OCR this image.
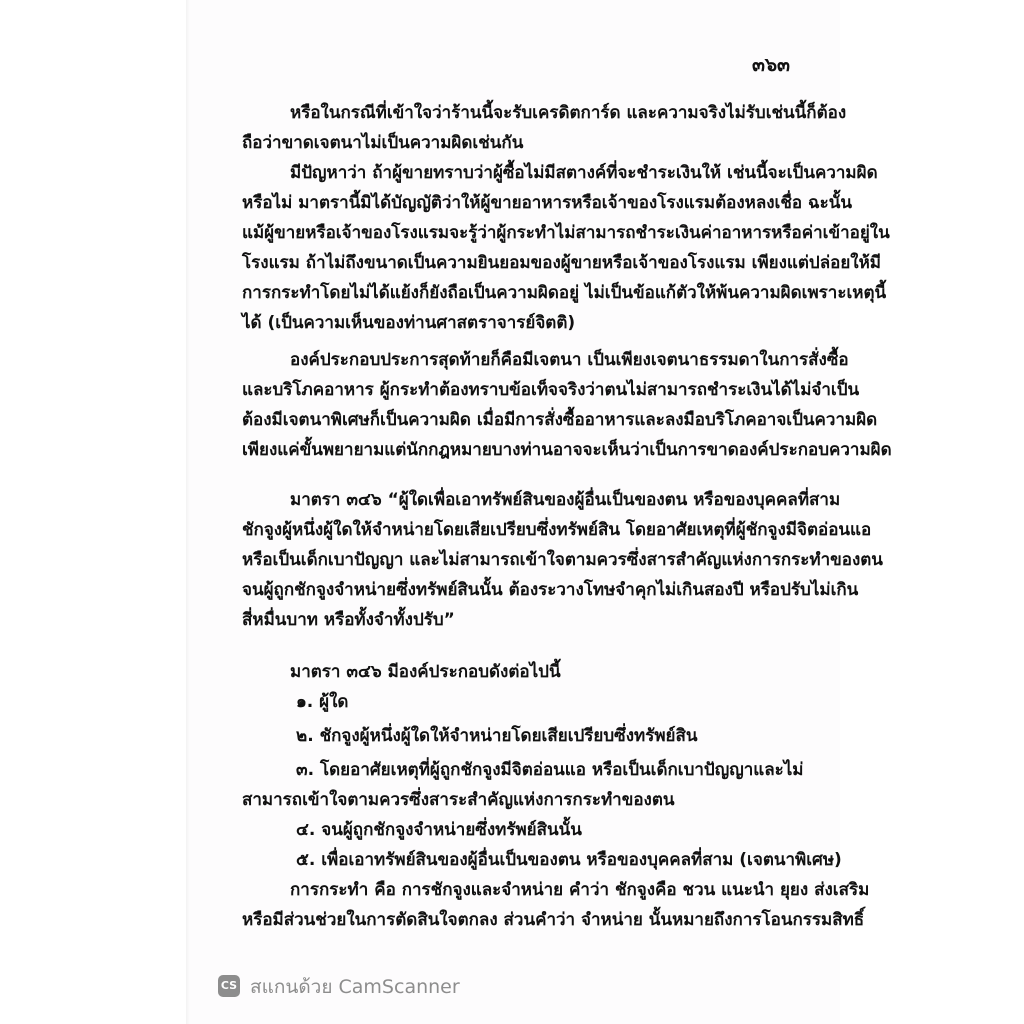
๓๖๓
หรือในกรณีที่เข้าใจว่าร้านนี้จะรับเครดิตการ์ด และความจริงไม่รับเช่นนี้ก็ต้อง
ถือว่าขาดเจตนาไม่เป็นความผิดเช่นกัน
มีปัญหาว่า ถ้าผู้ขายทราบว่าผู้ซื้อไม่มีสตางค์ที่จะชำระเงินให้ เช่นนี้จะเป็นความผิด
หรือไม่ มาตรานี้มิได้บัญญัติว่าให้ผู้ขายอาหารหรือเจ้าของโรงแรมต้องหลงเชื่อ ฉะนั้น
แม้ผู้ขายหรือเจ้าของโรงแรมจะรู้ว่าผู้กระทำไม่สามารถชำระเงินค่าอาหารหรือค่าเข้าอยู่ใน
โรงแรม ถ้าไม่ถึงขนาดเป็นความยินยอมของผู้ขายหรือเจ้าของโรงแรม เพียงแต่ปล่อยให้มี
การกระทำโดยไม่ได้แย้งก็ยังถือเป็นความผิดอยู่ ไม่เป็นข้อแก้ตัวให้พ้นความผิดเพราะเหตุนี้
ได้ (เป็นความเห็นของท่านศาสตราจารย์จิตติ)
องค์ประกอบประการสุดท้ายก็คือมีเจตนา เป็นเพียงเจตนาธรรมดาในการสั่งซื้อ
และบริโภคอาหาร ผู้กระทำต้องทราบข้อเท็จจริงว่าตนไม่สามารถชำระเงินได้ไม่จำเป็น
ต้องมีเจตนาพิเศษก็เป็นความผิด เมื่อมีการสั่งซื้ออาหารและลงมือบริโภคอาจเป็นความผิด
เพียงแค่ขั้นพยายามแต่นักกฎหมายบางท่านอาจจะเห็นว่าเป็นการขาดองค์ประกอบความผิด
มาตรา ๓๔๖ “ผู้ใดเพื่อเอาทรัพย์สินของผู้อื่นเป็นของตน หรือของบุคคลที่สาม
ชักจูงผู้หนึ่งผู้ใดให้จำหน่ายโดยเสียเปรียบซึ่งทรัพย์สิน โดยอาศัยเหตุที่ผู้ชักจูงมีจิตอ่อนแอ
หรือเป็นเด็กเบาปัญญา และไม่สามารถเข้าใจตามควรซึ่งสารสำคัญแห่งการกระทำของตน
จนผู้ถูกชักจูงจำหน่ายซึ่งทรัพย์สินนั้น ต้องระวางโทษจำคุกไม่เกินสองปี หรือปรับไม่เกิน
สี่หมื่นบาท หรือทั้งจำทั้งปรับ”
มาตรา ๓๔๖ มีองค์ประกอบดังต่อไปนี้
๑. ผู้ใด
๒. ชักจูงผู้หนึ่งผู้ใดให้จำหน่ายโดยเสียเปรียบซึ่งทรัพย์สิน
๓. โดยอาศัยเหตุที่ผู้ถูกชักจูงมีจิตอ่อนแอ หรือเป็นเด็กเบาปัญญาและไม่
สามารถเข้าใจตามควรซึ่งสาระสำคัญแห่งการกระทำของตน
๔. จนผู้ถูกชักจูงจำหน่ายซึ่งทรัพย์สินนั้น
๕. เพื่อเอาทรัพย์สินของผู้อื่นเป็นของตน หรือของบุคคลที่สาม (เจตนาพิเศษ)
การกระทำ คือ การชักจูงและจำหน่าย คำว่า ชักจูงคือ ชวน แนะนำ ยุยง ส่งเสริม
หรือมีส่วนช่วยในการตัดสินใจตกลง ส่วนคำว่า จำหน่าย นั้นหมายถึงการโอนกรรมสิทธิ์
CS สแกนด้วย CamScanner
